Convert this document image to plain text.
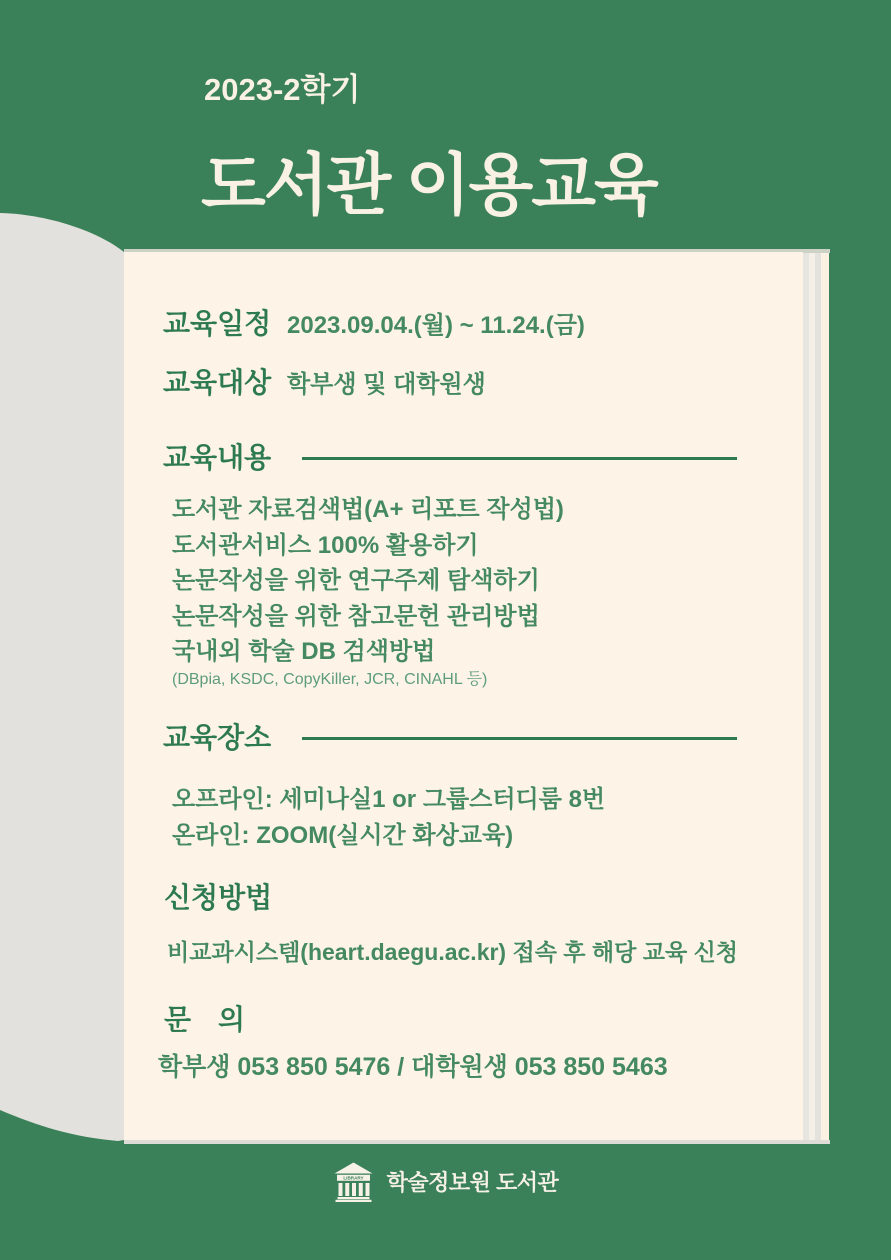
2023-2학기
도서관 이용교육
교육일정 2023.09.04.(월) ~ 11.24.(금)
교육대상 학부생 및 대학원생
교육내용
도서관 자료검색법(A+ 리포트 작성법)
도서관서비스 100% 활용하기
논문작성을 위한 연구주제 탐색하기
논문작성을 위한 참고문헌 관리방법
국내외 학술 DB 검색방법
(DBpia, KSDC, CopyKiller, JCR, CINAHL 등)
교육장소
오프라인: 세미나실1 or 그룹스터디룸 8번
온라인: ZOOM(실시간 화상교육)
신청방법
비교과시스템(heart.daegu.ac.kr) 접속 후 해당 교육 신청
문 의
학부생 053 850 5476 / 대학원생 053 850 5463
LIBRARY 학술정보원 도서관
